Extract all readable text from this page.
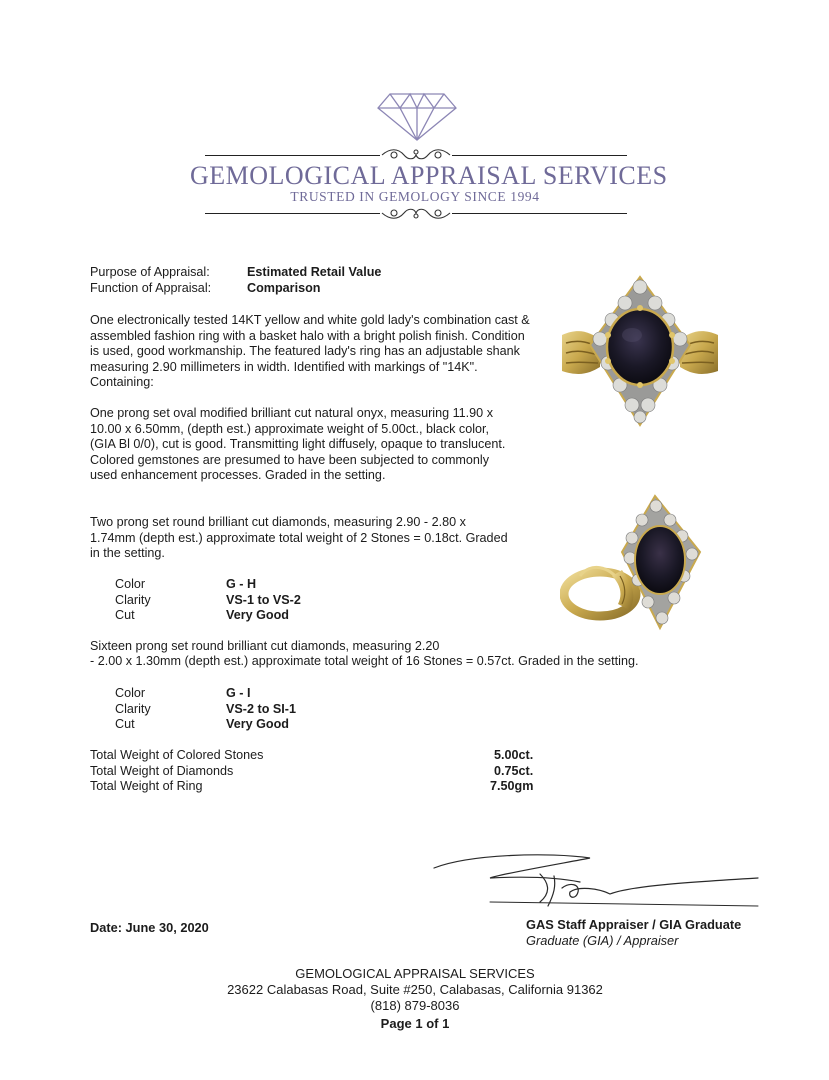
GEMOLOGICAL APPRAISAL SERVICES
TRUSTED IN GEMOLOGY SINCE 1994
Purpose of Appraisal:	Estimated Retail Value
Function of Appraisal:	Comparison

One electronically tested 14KT yellow and white gold lady's combination cast & assembled fashion ring with a basket halo with a bright polish finish. Condition is used, good workmanship. The featured lady's ring has an adjustable shank measuring 2.90 millimeters in width. Identified with markings of "14K". Containing:

One prong set oval modified brilliant cut natural onyx, measuring 11.90 x 10.00 x 6.50mm, (depth est.) approximate weight of 5.00ct., black color, (GIA Bl 0/0), cut is good. Transmitting light diffusely, opaque to translucent. Colored gemstones are presumed to have been subjected to commonly used enhancement processes. Graded in the setting.

Two prong set round brilliant cut diamonds, measuring 2.90 - 2.80 x 1.74mm (depth est.) approximate total weight of 2 Stones = 0.18ct. Graded in the setting.

Color	G - H
Clarity	VS-1 to VS-2
Cut	Very Good
Sixteen prong set round brilliant cut diamonds, measuring 2.20
- 2.00 x 1.30mm (depth est.) approximate total weight of 16 Stones = 0.57ct. Graded in the setting.
Color	G - I
Clarity	VS-2 to SI-1
Cut	Very Good
Total Weight of Colored Stones	5.00ct.
Total Weight of Diamonds	0.75ct.
Total Weight of Ring	7.50gm
Date: June 30, 2020	GAS Staff Appraiser / GIA Graduate
Graduate (GIA) / Appraiser
GEMOLOGICAL APPRAISAL SERVICES
23622 Calabasas Road, Suite #250, Calabasas, California 91362
(818) 879-8036
Page 1 of 1
